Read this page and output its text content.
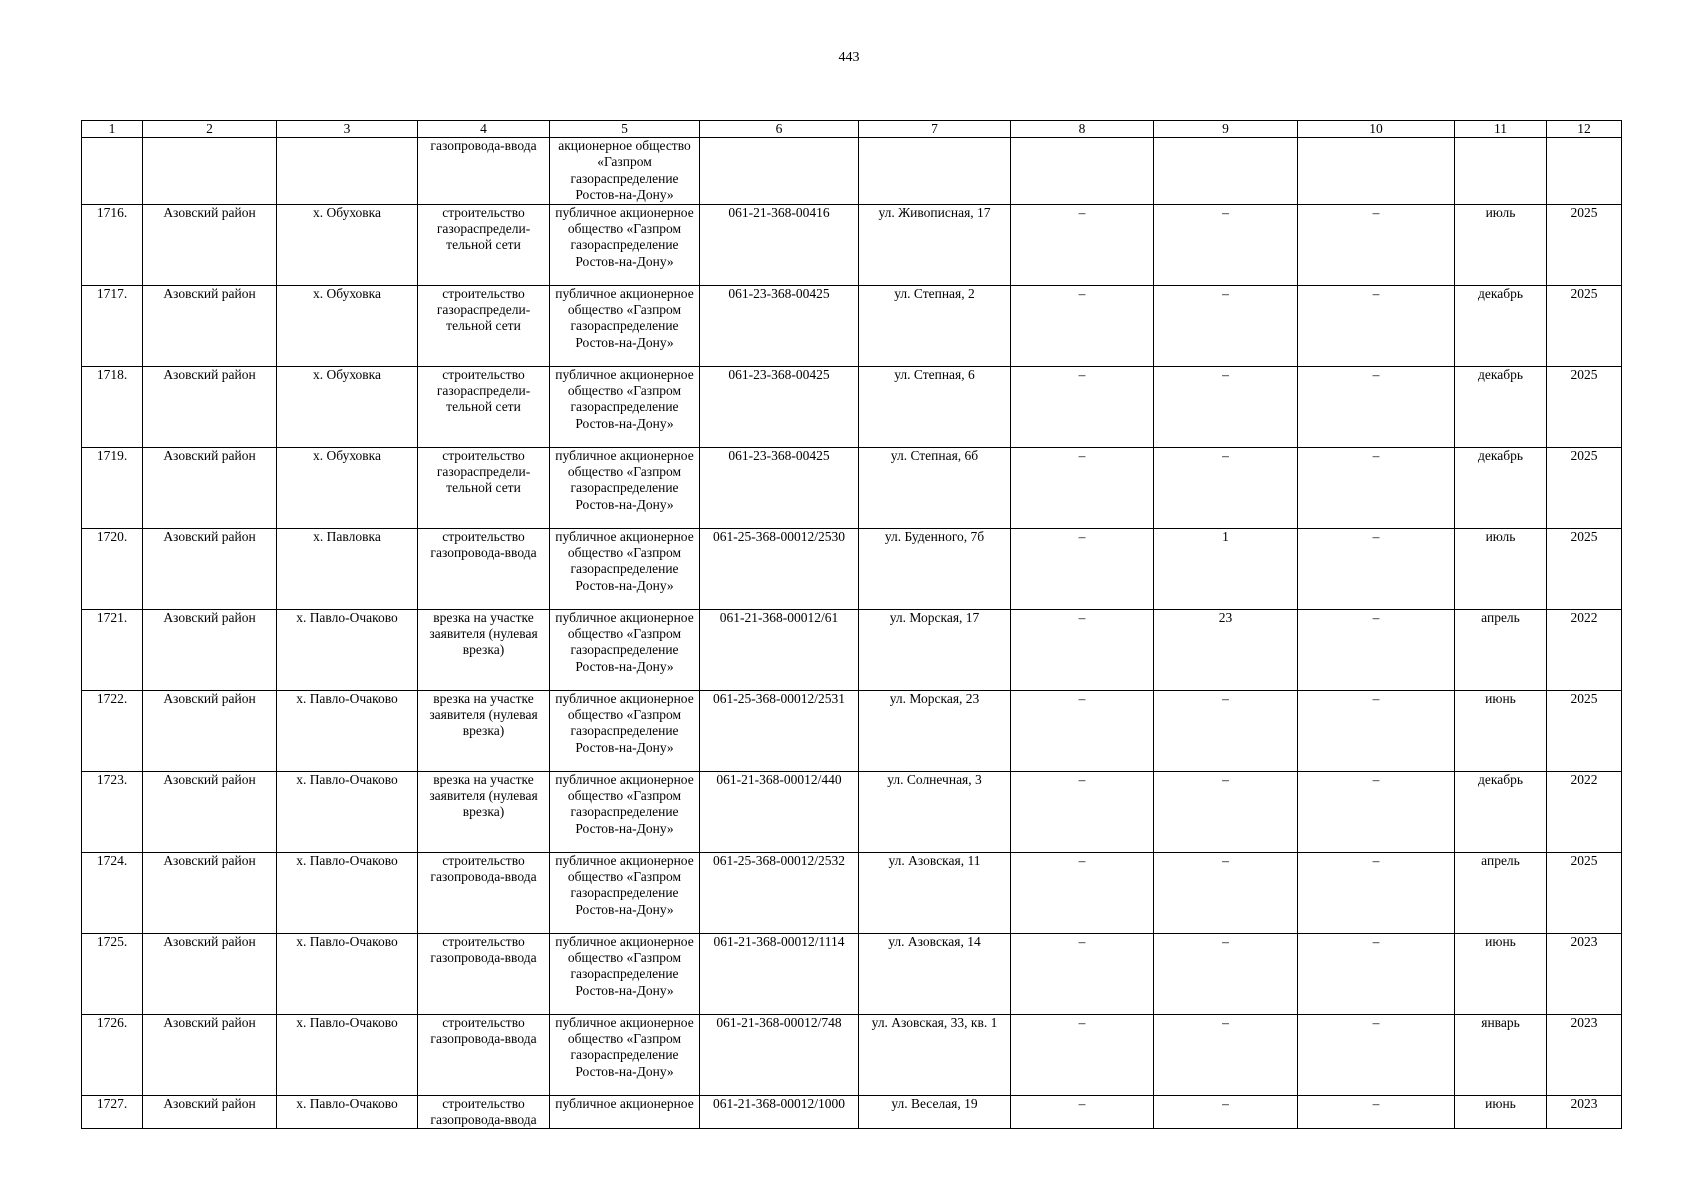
443
1	2	3	4	5	6	7	8	9	10	11	12
			газопровода-ввода	акционерное общество «Газпром газораспределение Ростов-на-Дону»							
1716.	Азовский район	х. Обуховка	строительство газораспредели-тельной сети	публичное акционерное общество «Газпром газораспределение Ростов-на-Дону»	061-21-368-00416	ул. Живописная, 17	–	–	–	июль	2025
1717.	Азовский район	х. Обуховка	строительство газораспредели-тельной сети	публичное акционерное общество «Газпром газораспределение Ростов-на-Дону»	061-23-368-00425	ул. Степная, 2	–	–	–	декабрь	2025
1718.	Азовский район	х. Обуховка	строительство газораспредели-тельной сети	публичное акционерное общество «Газпром газораспределение Ростов-на-Дону»	061-23-368-00425	ул. Степная, 6	–	–	–	декабрь	2025
1719.	Азовский район	х. Обуховка	строительство газораспредели-тельной сети	публичное акционерное общество «Газпром газораспределение Ростов-на-Дону»	061-23-368-00425	ул. Степная, 6б	–	–	–	декабрь	2025
1720.	Азовский район	х. Павловка	строительство газопровода-ввода	публичное акционерное общество «Газпром газораспределение Ростов-на-Дону»	061-25-368-00012/2530	ул. Буденного, 7б	–	1	–	июль	2025
1721.	Азовский район	х. Павло-Очаково	врезка на участке заявителя (нулевая врезка)	публичное акционерное общество «Газпром газораспределение Ростов-на-Дону»	061-21-368-00012/61	ул. Морская, 17	–	23	–	апрель	2022
1722.	Азовский район	х. Павло-Очаково	врезка на участке заявителя (нулевая врезка)	публичное акционерное общество «Газпром газораспределение Ростов-на-Дону»	061-25-368-00012/2531	ул. Морская, 23	–	–	–	июнь	2025
1723.	Азовский район	х. Павло-Очаково	врезка на участке заявителя (нулевая врезка)	публичное акционерное общество «Газпром газораспределение Ростов-на-Дону»	061-21-368-00012/440	ул. Солнечная, 3	–	–	–	декабрь	2022
1724.	Азовский район	х. Павло-Очаково	строительство газопровода-ввода	публичное акционерное общество «Газпром газораспределение Ростов-на-Дону»	061-25-368-00012/2532	ул. Азовская, 11	–	–	–	апрель	2025
1725.	Азовский район	х. Павло-Очаково	строительство газопровода-ввода	публичное акционерное общество «Газпром газораспределение Ростов-на-Дону»	061-21-368-00012/1114	ул. Азовская, 14	–	–	–	июнь	2023
1726.	Азовский район	х. Павло-Очаково	строительство газопровода-ввода	публичное акционерное общество «Газпром газораспределение Ростов-на-Дону»	061-21-368-00012/748	ул. Азовская, 33, кв. 1	–	–	–	январь	2023
1727.	Азовский район	х. Павло-Очаково	строительство газопровода-ввода	публичное акционерное	061-21-368-00012/1000	ул. Веселая, 19	–	–	–	июнь	2023
